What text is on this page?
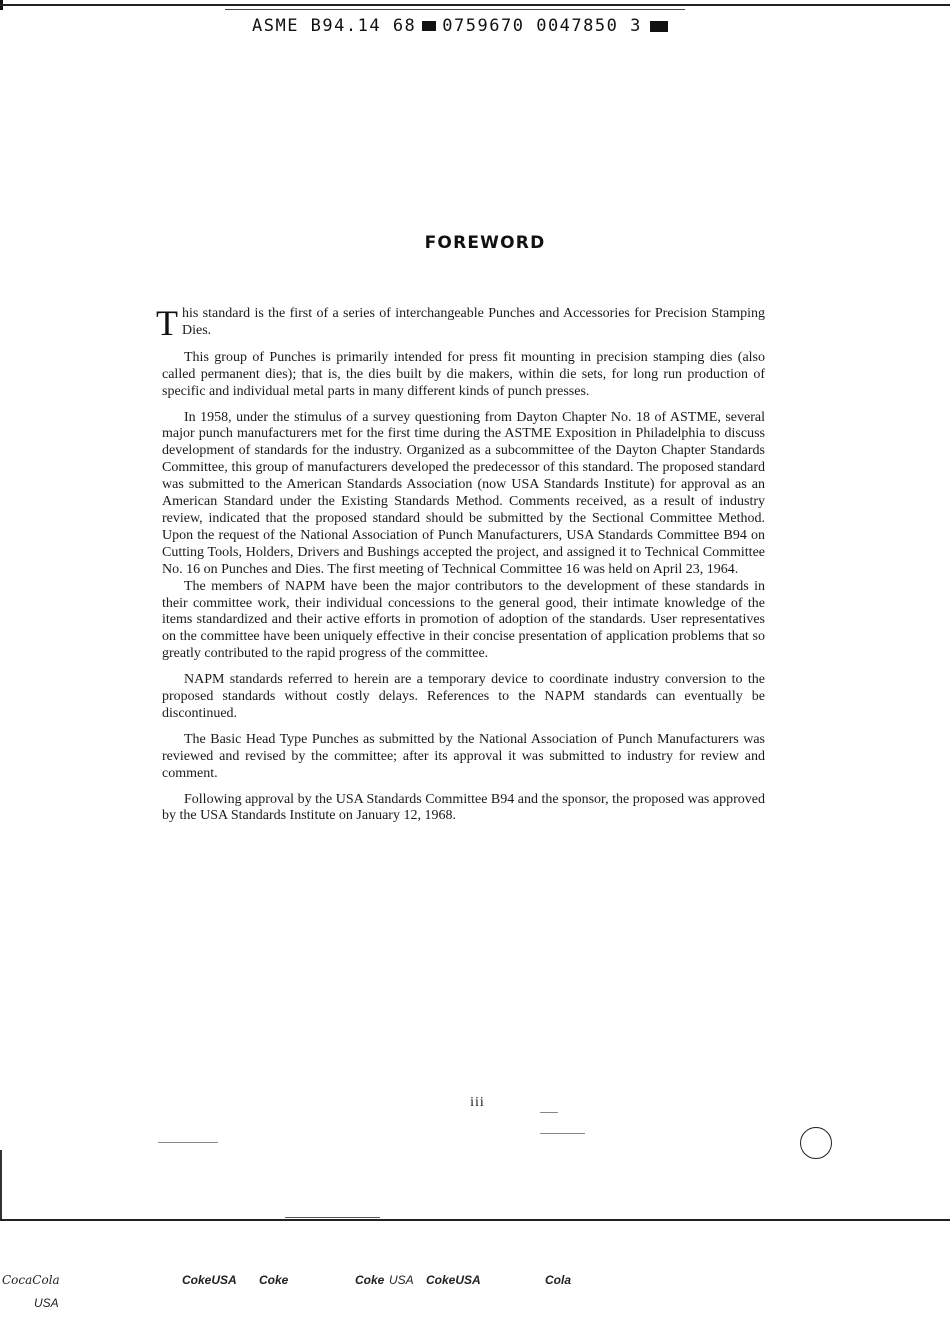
ASME B94.14 68 0759670 0047850 3
FOREWORD

T his standard is the first of a series of interchangeable Punches and Accessories for Precision Stamping Dies.

This group of Punches is primarily intended for press fit mounting in precision stamping dies (also called permanent dies); that is, the dies built by die makers, within die sets, for long run production of specific and individual metal parts in many different kinds of punch presses.

In 1958, under the stimulus of a survey questioning from Dayton Chapter No. 18 of ASTME, several major punch manufacturers met for the first time during the ASTME Exposition in Philadelphia to discuss development of standards for the industry. Organized as a subcommittee of the Dayton Chapter Standards Committee, this group of manufacturers developed the predecessor of this standard. The proposed standard was submitted to the American Standards Association (now USA Standards Institute) for approval as an American Standard under the Existing Standards Method. Comments received, as a result of industry review, indicated that the proposed standard should be submitted by the Sectional Committee Method. Upon the request of the National Association of Punch Manufacturers, USA Standards Committee B94 on Cutting Tools, Holders, Drivers and Bushings accepted the project, and assigned it to Technical Committee No. 16 on Punches and Dies. The first meeting of Technical Committee 16 was held on April 23, 1964.

The members of NAPM have been the major contributors to the development of these standards in their committee work, their individual concessions to the general good, their intimate knowledge of the items standardized and their active efforts in promotion of adoption of the standards. User representatives on the committee have been uniquely effective in their concise presentation of application problems that so greatly contributed to the rapid progress of the committee.

NAPM standards referred to herein are a temporary device to coordinate industry conversion to the proposed standards without costly delays. References to the NAPM standards can eventually be discontinued.

The Basic Head Type Punches as submitted by the National Association of Punch Manufacturers was reviewed and revised by the committee; after its approval it was submitted to industry for review and comment.

Following approval by the USA Standards Committee B94 and the sponsor, the proposed was approved by the USA Standards Institute on January 12, 1968.

iii
CocaCola
USA
CokeUSA Coke	Coke USA CokeUSA	Cola
